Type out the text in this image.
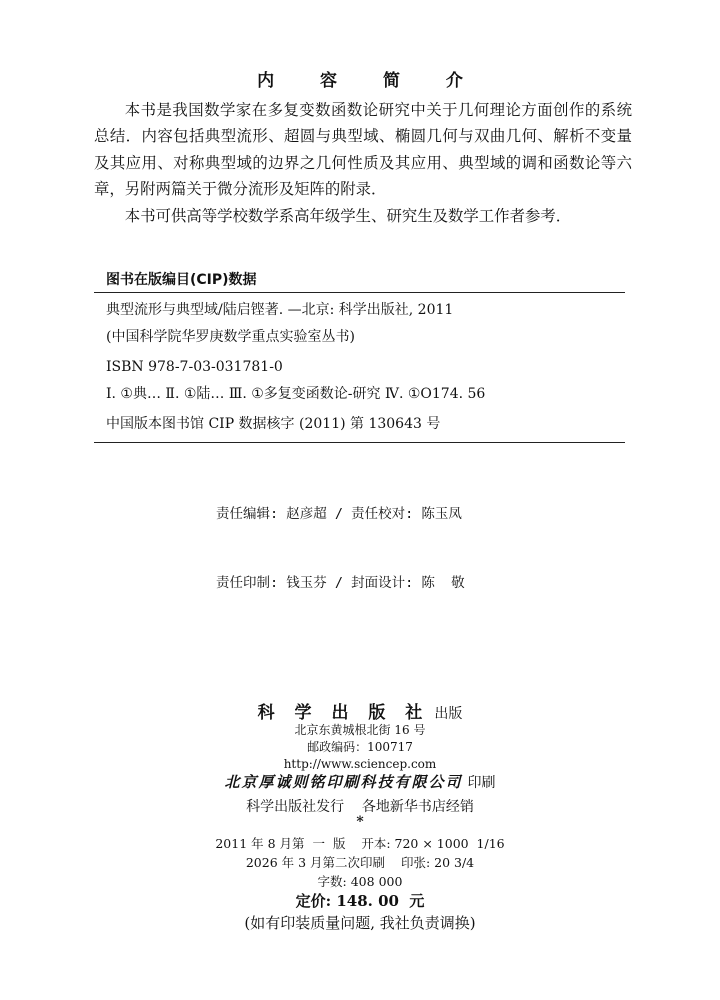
内 容 简 介

本书是我国数学家在多复变数函数论研究中关于几何理论方面创作的系统总结．内容包括典型流形、超圆与典型域、椭圆几何与双曲几何、解析不变量及其应用、对称典型域的边界之几何性质及其应用、典型域的调和函数论等六章，另附两篇关于微分流形及矩阵的附录．

本书可供高等学校数学系高年级学生、研究生及数学工作者参考．

图书在版编目(CIP)数据
典型流形与典型域/陆启铿著. —北京: 科学出版社, 2011
(中国科学院华罗庚数学重点实验室丛书)
ISBN 978-7-03-031781-0
Ⅰ. ①典… Ⅱ. ①陆… Ⅲ. ①多复变函数论-研究 Ⅳ. ①O174. 56
中国版本图书馆 CIP 数据核字 (2011) 第 130643 号

责任编辑: 赵彦超 / 责任校对: 陈玉凤

责任印制: 钱玉芬 / 封面设计: 陈  敬

科 学 出 版 社 出版
北京东黄城根北街 16 号
邮政编码：100717
http://www.sciencep.com
北京厚诚则铭印刷科技有限公司 印刷
科学出版社发行    各地新华书店经销
*
2011 年 8 月第  一  版    开本: 720 × 1000  1/16
2026 年 3 月第二次印刷    印张: 20 3/4
字数: 408 000
定价: 148. 00  元
(如有印装质量问题, 我社负责调换)
